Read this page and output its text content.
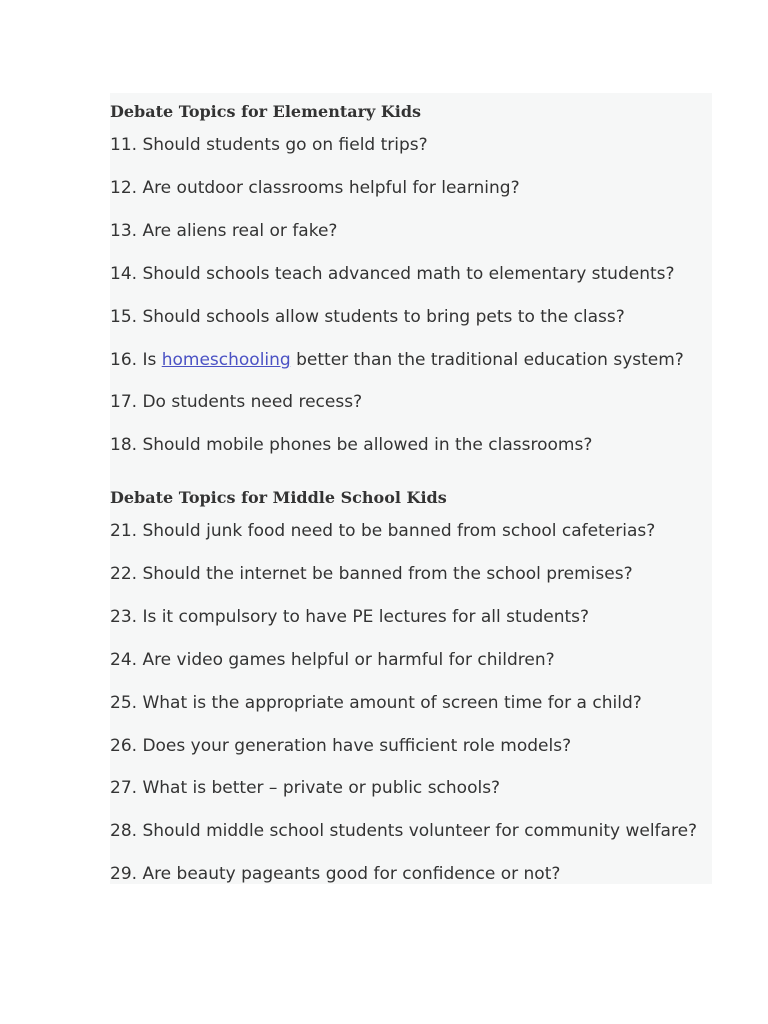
Debate Topics for Elementary Kids
11. Should students go on field trips?
12. Are outdoor classrooms helpful for learning?
13. Are aliens real or fake?
14. Should schools teach advanced math to elementary students?
15. Should schools allow students to bring pets to the class?
16. Is homeschooling better than the traditional education system?
17. Do students need recess?
18. Should mobile phones be allowed in the classrooms?
Debate Topics for Middle School Kids
21. Should junk food need to be banned from school cafeterias?
22. Should the internet be banned from the school premises?
23. Is it compulsory to have PE lectures for all students?
24. Are video games helpful or harmful for children?
25. What is the appropriate amount of screen time for a child?
26. Does your generation have sufficient role models?
27. What is better – private or public schools?
28. Should middle school students volunteer for community welfare?
29. Are beauty pageants good for confidence or not?
